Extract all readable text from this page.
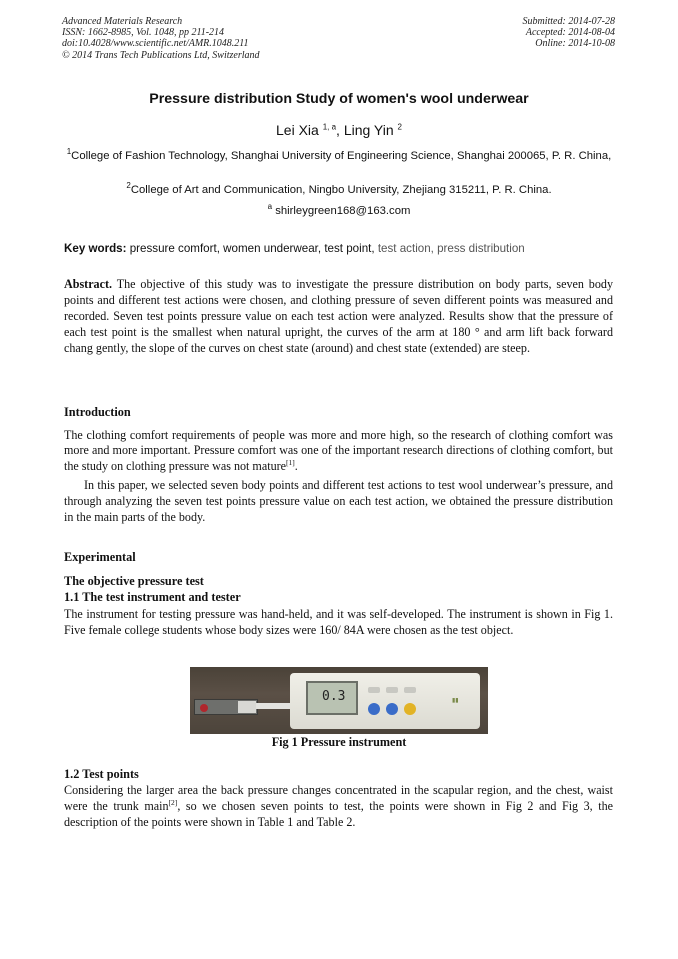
Advanced Materials Research
ISSN: 1662-8985, Vol. 1048, pp 211-214
doi:10.4028/www.scientific.net/AMR.1048.211
© 2014 Trans Tech Publications Ltd, Switzerland
Submitted: 2014-07-28
Accepted: 2014-08-04
Online: 2014-10-08
Pressure distribution Study of women's wool underwear
Lei Xia $^{1, a}$, Ling Yin $^2$
$^1$College of Fashion Technology, Shanghai University of Engineering Science, Shanghai 200065, P. R. China,
$^2$College of Art and Communication, Ningbo University, Zhejiang 315211, P. R. China.
$^a$ shirleygreen168@163.com
Key words: pressure comfort, women underwear, test point, test action, press distribution
Abstract. The objective of this study was to investigate the pressure distribution on body parts, seven body points and different test actions were chosen, and clothing pressure of seven different points was measured and recorded. Seven test points pressure value on each test action were analyzed. Results show that the pressure of each test point is the smallest when natural upright, the curves of the arm at 180 ° and arm lift back forward chang gently, the slope of the curves on chest state (around) and chest state (extended) are steep.
Introduction
The clothing comfort requirements of people was more and more high, so the research of clothing comfort was more and more important. Pressure comfort was one of the important research directions of clothing comfort, but the study on clothing pressure was not mature[1].
In this paper, we selected seven body points and different test actions to test wool underwear’s pressure, and through analyzing the seven test points pressure value on each test action, we obtained the pressure distribution in the main parts of the body.
Experimental
The objective pressure test
1.1 The test instrument and tester
The instrument for testing pressure was hand-held, and it was self-developed. The instrument is shown in Fig 1. Five female college students whose body sizes were 160/ 84A were chosen as the test object.
0.3	▮▮
Fig 1 Pressure instrument
1.2 Test points
Considering the larger area the back pressure changes concentrated in the scapular region, and the chest, waist were the trunk main[2], so we chosen seven points to test, the points were shown in Fig 2 and Fig 3, the description of the points were shown in Table 1 and Table 2.
